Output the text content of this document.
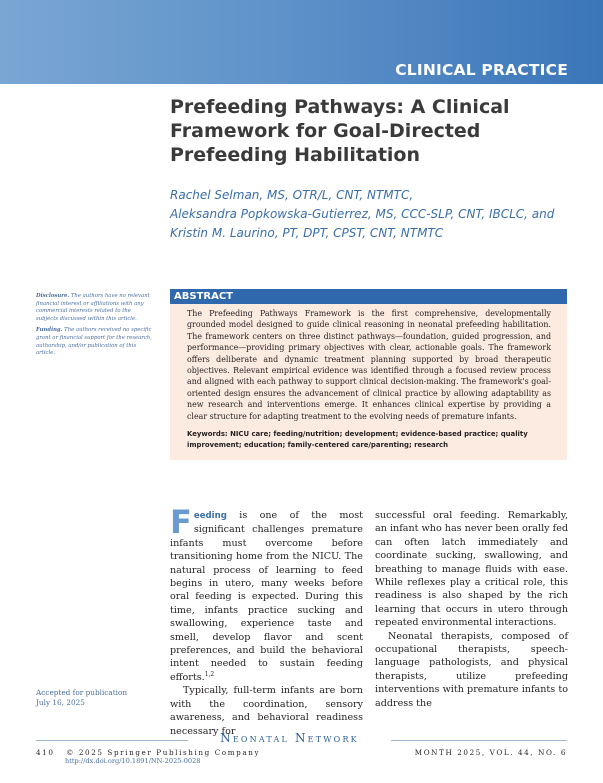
CLINICAL PRACTICE
Prefeeding Pathways: A Clinical Framework for Goal-Directed Prefeeding Habilitation
Rachel Selman, MS, OTR/L, CNT, NTMTC,
Aleksandra Popkowska-Gutierrez, MS, CCC-SLP, CNT, IBCLC, and
Kristin M. Laurino, PT, DPT, CPST, CNT, NTMTC

Disclosure. The authors have no relevant financial interest or affiliations with any commercial interests related to the subjects discussed within this article.

Funding. The authors received no specific grant or financial support for the research, authorship, and/or publication of this article.

ABSTRACT
The Prefeeding Pathways Framework is the first comprehensive, developmentally grounded model designed to guide clinical reasoning in neonatal prefeeding habilitation. The framework centers on three distinct pathways—foundation, guided progression, and performance—providing primary objectives with clear, actionable goals. The framework offers deliberate and dynamic treatment planning supported by broad therapeutic objectives. Relevant empirical evidence was identified through a focused review process and aligned with each pathway to support clinical decision-making. The framework's goal-oriented design ensures the advancement of clinical practice by allowing adaptability as new research and interventions emerge. It enhances clinical expertise by providing a clear structure for adapting treatment to the evolving needs of premature infants.
Keywords: NICU care; feeding/nutrition; development; evidence-based practice; quality improvement; education; family-centered care/parenting; research

Feeding is one of the most significant challenges premature infants must overcome before transitioning home from the NICU. The natural process of learning to feed begins in utero, many weeks before oral feeding is expected. During this time, infants practice sucking and swallowing, experience taste and smell, develop flavor and scent preferences, and build the behavioral intent needed to sustain feeding efforts.$^{1,2}$

Typically, full-term infants are born with the coordination, sensory awareness, and behavioral readiness necessary for

successful oral feeding. Remarkably, an infant who has never been orally fed can often latch immediately and coordinate sucking, swallowing, and breathing to manage fluids with ease. While reflexes play a critical role, this readiness is also shaped by the rich learning that occurs in utero through repeated environmental interactions.

Neonatal therapists, composed of occupational therapists, speech-language pathologists, and physical therapists, utilize prefeeding interventions with premature infants to address the

Accepted for publication
July 16, 2025
Neonatal Network
410 © 2025 Springer Publishing Company
http://dx.doi.org/10.1891/NN-2025-0028
MONTH 2025, VOL. 44, NO. 6
